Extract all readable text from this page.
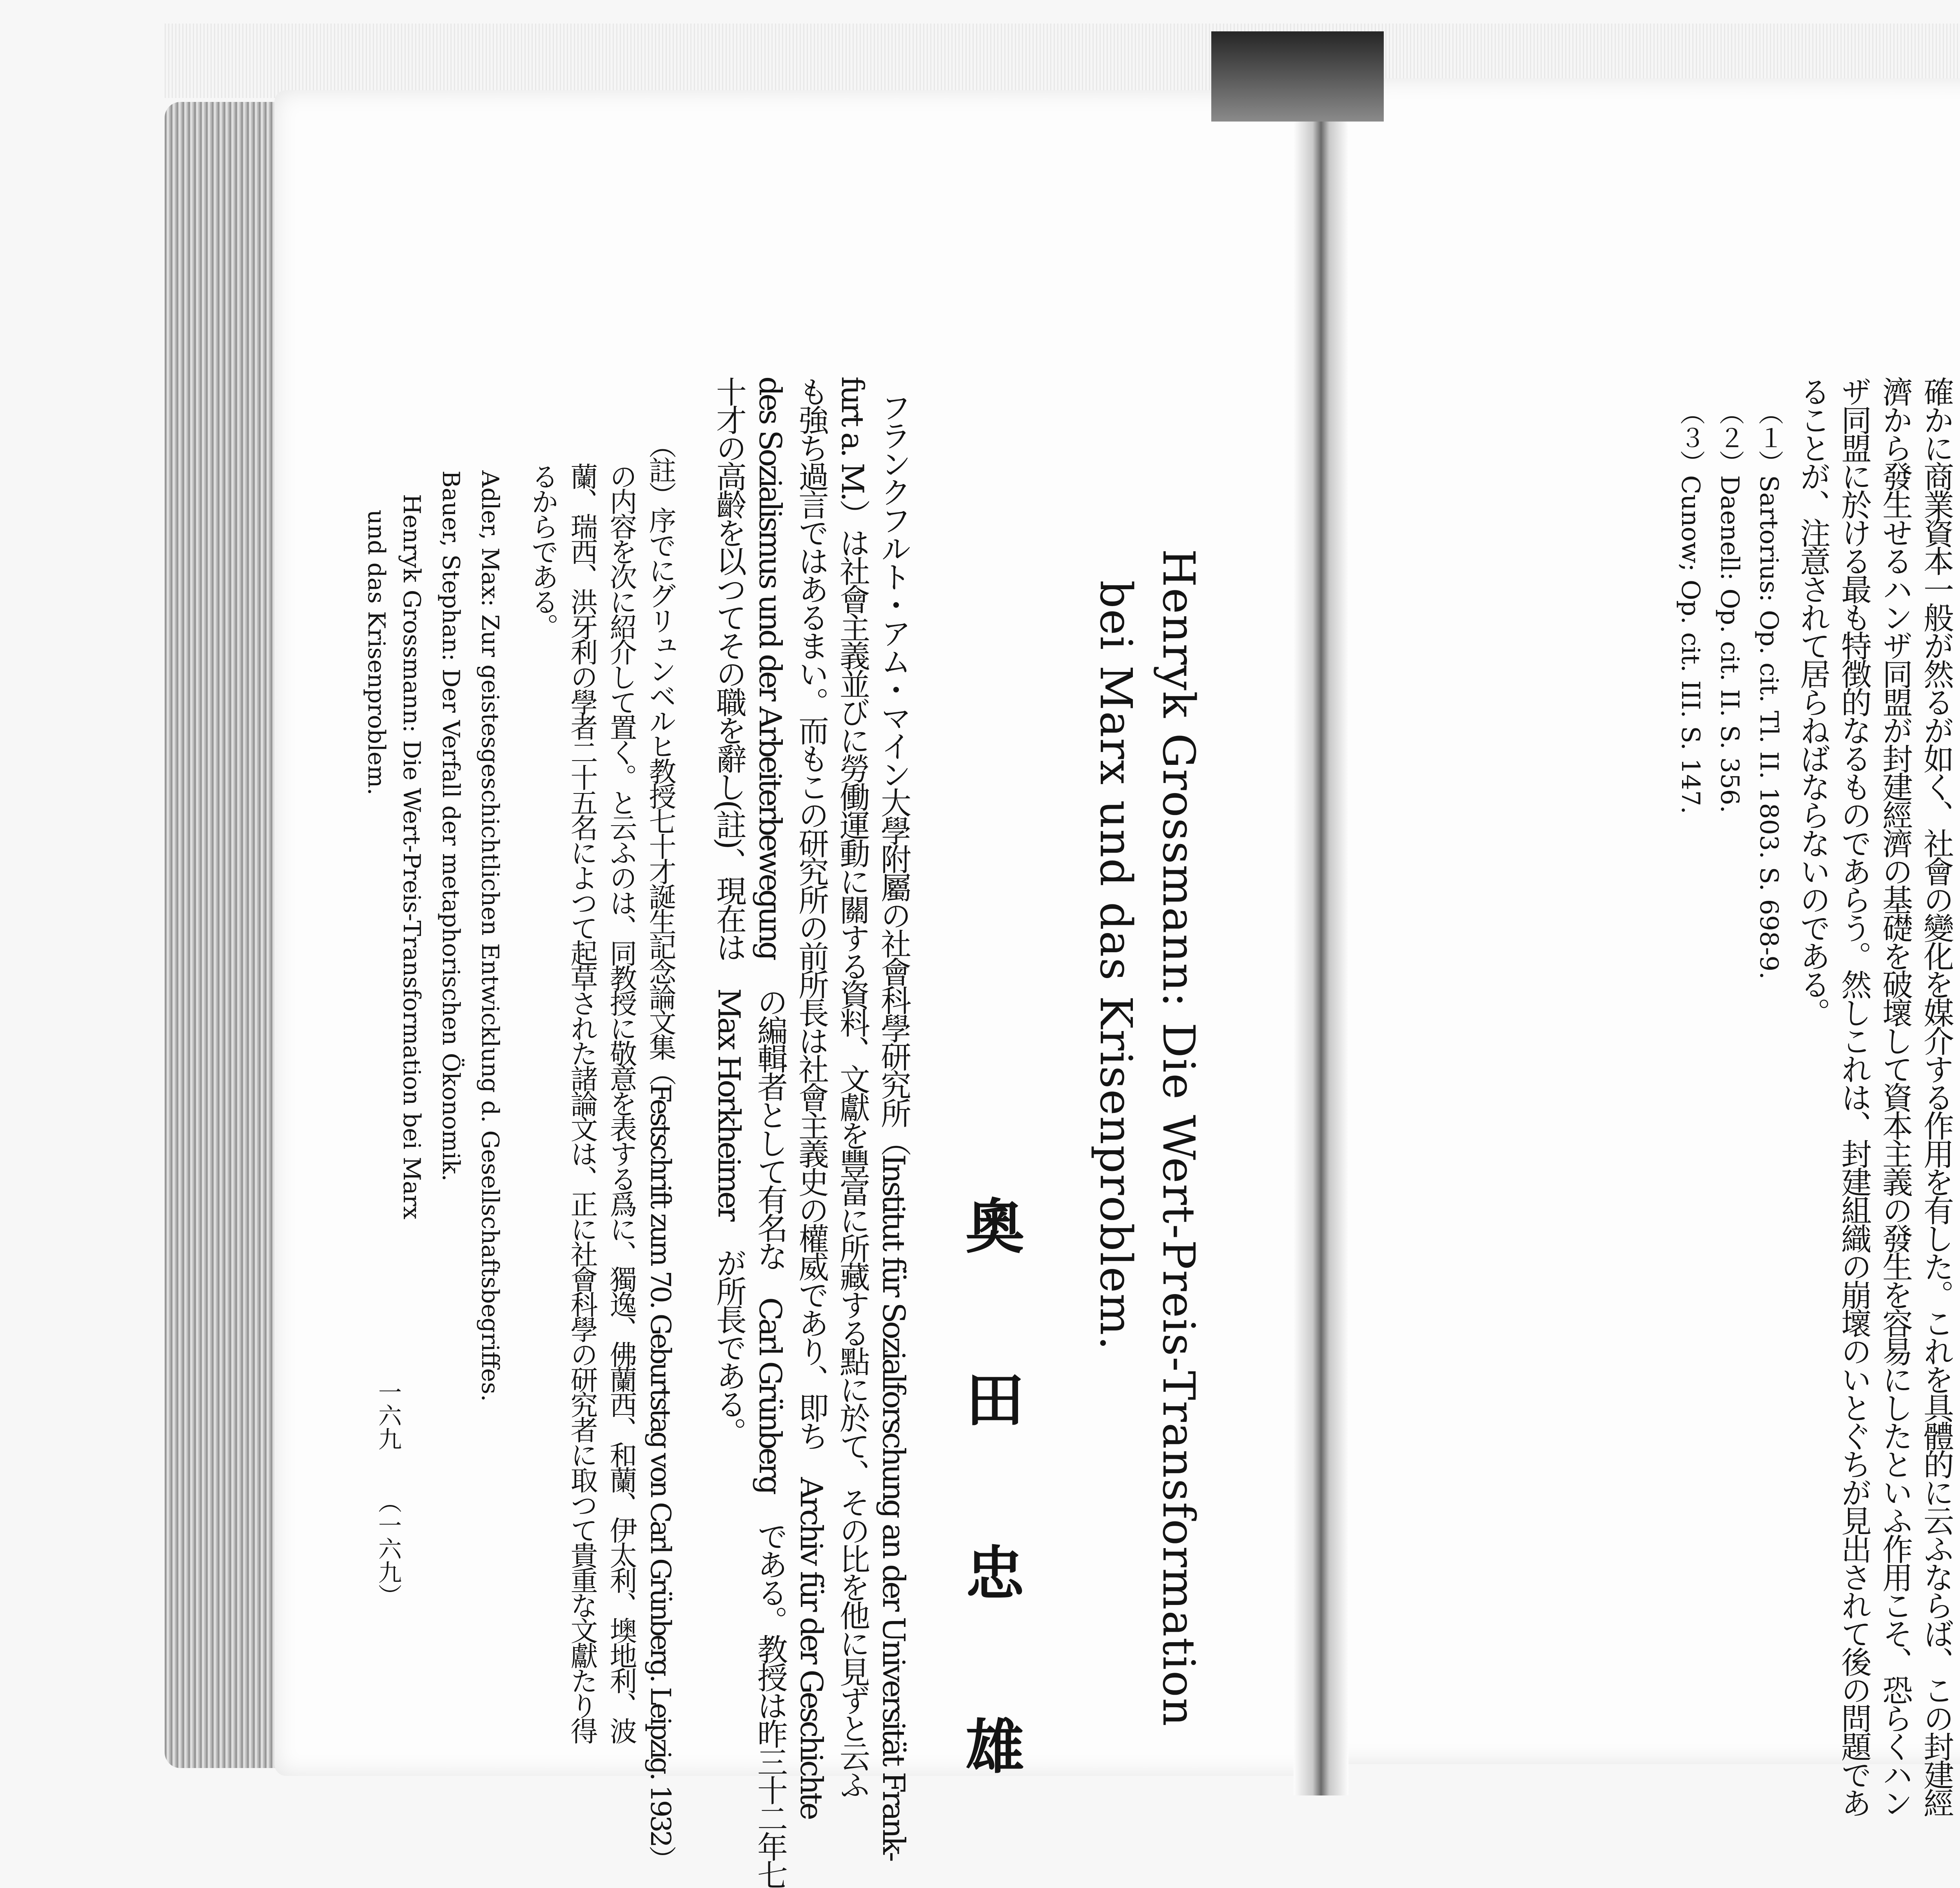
確かに商業資本一般が然るが如く、社會の變化を媒介する作用を有した。これを具體的に云ふならば、この封建經
濟から發生せるハンザ同盟が封建經濟の基礎を破壞して資本主義の發生を容易にしたといふ作用こそ、恐らくハン
ザ同盟に於ける最も特徴的なるものであらう。然しこれは、封建組織の崩壞のいとぐちが見出されて後の問題であ
ることが、注意されて居らねばならないのである。
（１）Sartorius: Op. cit. Tl. II. 1803. S. 698-9.
（２）Daenell: Op. cit. II. S. 356.
（３）Cunow; Op. cit. III. S. 147.
Henryk Grossmann: Die Wert-Preis-Transformation
bei Marx und das Krisenproblem.
奧 田 忠 雄
フランクフルト・アム・マイン大學附屬の社會科學研究所（Institut für Sozialforschung an der Universität Frank-
furt a. M.）は社會主義並びに勞働運動に關する資料、文獻を豐富に所藏する點に於て、その比を他に見ずと云ふ
も強ち過言ではあるまい。而もこの研究所の前所長は社會主義史の權威であり、即ち　Archiv für der Geschichte
des Sozialismus und der Arbeiterbewegung　の編輯者として有名な　Carl Grünberg　である。教授は昨三十二年七
十才の高齡を以つてその職を辭し(註)、現在は　Max Horkheimer　が所長である。
（註）序でにグリュンベルヒ教授七十才誕生記念論文集（Festschrift zum 70. Geburtstag von Carl Grünberg. Leipzig. 1932）
の内容を次に紹介して置く。と云ふのは、同教授に敬意を表する爲に、獨逸、佛蘭西、和蘭、伊太利、墺地利、波
蘭、瑞西、洪牙利の學者二十五名によつて起草された諸論文は、正に社會科學の研究者に取つて貴重な文獻たり得
るからである。
Adler, Max: Zur geistesgeschichtlichen Entwicklung d. Gesellschaftsbegriffes.
Bauer, Stephan: Der Verfall der metaphorischen Ökonomik.
Henryk Grossmann: Die Wert-Preis-Transformation bei Marx
und das Krisenproblem.
一六九
（一六九）
